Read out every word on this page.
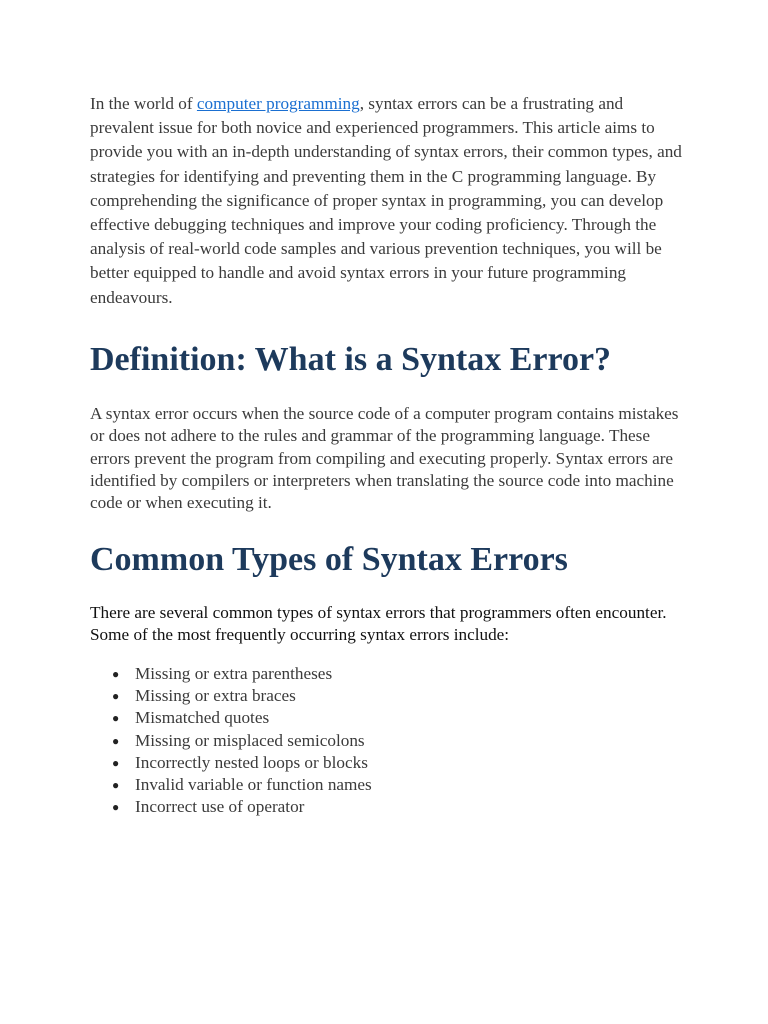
In the world of computer programming, syntax errors can be a frustrating and prevalent issue for both novice and experienced programmers. This article aims to provide you with an in-depth understanding of syntax errors, their common types, and strategies for identifying and preventing them in the C programming language. By comprehending the significance of proper syntax in programming, you can develop effective debugging techniques and improve your coding proficiency. Through the analysis of real-world code samples and various prevention techniques, you will be better equipped to handle and avoid syntax errors in your future programming endeavours.

Definition: What is a Syntax Error?

A syntax error occurs when the source code of a computer program contains mistakes or does not adhere to the rules and grammar of the programming language. These errors prevent the program from compiling and executing properly. Syntax errors are identified by compilers or interpreters when translating the source code into machine code or when executing it.

Common Types of Syntax Errors

There are several common types of syntax errors that programmers often encounter. Some of the most frequently occurring syntax errors include:

● Missing or extra parentheses
● Missing or extra braces
● Mismatched quotes
● Missing or misplaced semicolons
● Incorrectly nested loops or blocks
● Invalid variable or function names
● Incorrect use of operator
